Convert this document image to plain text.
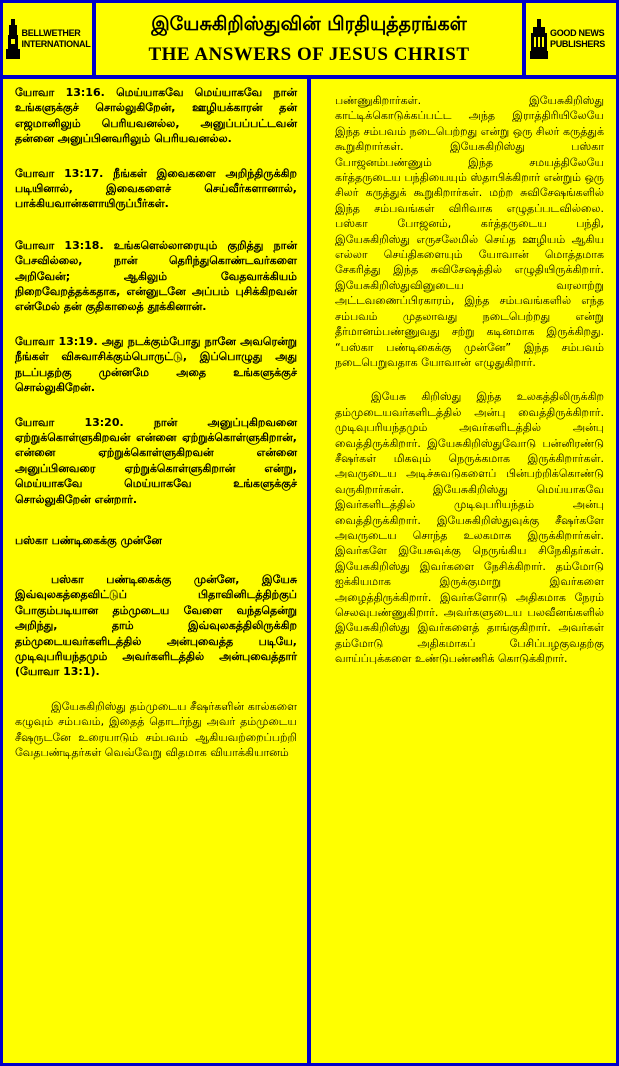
BELLWETHER INTERNATIONAL
இயேசுகிறிஸ்துவின் பிரதியுத்தரங்கள்
THE ANSWERS OF JESUS CHRIST
GOOD NEWS PUBLISHERS

யோவா 13:16. மெய்யாகவே மெய்யாகவே நான் உங்களுக்குச் சொல்லுகிறேன், ஊழியக்காரன் தன் எஜமானிலும் பெரியவனல்ல, அனுப்பப்பட்டவன் தன்னை அனுப்பினவரிலும் பெரியவனல்ல.

யோவா 13:17. நீங்கள் இவைகளை அறிந்திருக்கிற படியினால், இவைகளைச் செய்வீர்களானால், பாக்கியவான்களாயிருப்பீர்கள்.

யோவா 13:18. உங்களெல்லாரையும் குறித்து நான் பேசவில்லை, நான் தெரிந்துகொண்டவர்களை அறிவேன்; ஆகிலும் வேதவாக்கியம் நிறைவேறத்தக்கதாக, என்னுடனே அப்பம் புசிக்கிறவன் என்மேல் தன் குதிகாலைத் தூக்கினான்.

யோவா 13:19. அது நடக்கும்போது நானே அவரென்று நீங்கள் விசுவாசிக்கும்பொருட்டு, இப்பொழுது அது நடப்பதற்கு முன்னமே அதை உங்களுக்குச் சொல்லுகிறேன்.

யோவா 13:20. நான் அனுப்புகிறவனை ஏற்றுக்கொள்ளுகிறவன் என்னை ஏற்றுக்கொள்ளுகிறான், என்னை ஏற்றுக்கொள்ளுகிறவன் என்னை அனுப்பினவரை ஏற்றுக்கொள்ளுகிறான் என்று, மெய்யாகவே மெய்யாகவே உங்களுக்குச் சொல்லுகிறேன் என்றார்.

பஸ்கா பண்டிகைக்கு முன்னே

பஸ்கா பண்டிகைக்கு முன்னே, இயேசு இவ்வுலகத்தைவிட்டுப் பிதாவினிடத்திற்குப் போகும்படியான தம்முடைய வேளை வந்ததென்று அறிந்து, தாம் இவ்வுலகத்திலிருக்கிற தம்முடையவர்களிடத்தில் அன்புவைத்த படியே, முடிவுபரியந்தமும் அவர்களிடத்தில் அன்புவைத்தார் (யோவா 13:1).

இயேசுகிறிஸ்து தம்முடைய சீஷர்களின் கால்களை கழுவும் சம்பவம், இதைத் தொடர்ந்து அவர் தம்முடைய சீஷருடனே உரையாடும் சம்பவம் ஆகியவற்றைப்பற்றி வேதபண்டிதர்கள் வெவ்வேறு விதமாக வியாக்கியானம்

பண்ணுகிறார்கள். இயேசுகிறிஸ்து காட்டிக்கொடுக்கப்பட்ட அந்த இராத்திரியிலேயே இந்த சம்பவம் நடைபெற்றது என்று ஒரு சிலர் கருத்துக் கூறுகிறார்கள். இயேசுகிறிஸ்து பஸ்கா போஜனம்பண்ணும் இந்த சமயத்திலேயே கர்த்தருடைய பந்தியையும் ஸ்தாபிக்கிறார் என்றும் ஒரு சிலர் கருத்துக் கூறுகிறார்கள். மற்ற சுவிசேஷங்களில் இந்த சம்பவங்கள் விரிவாக எழுதப்படவில்லை. பஸ்கா போஜனம், கர்த்தருடைய பந்தி, இயேசுகிறிஸ்து எருசலேமில் செய்த ஊழியம் ஆகிய எல்லா செய்திகளையும் யோவான் மொத்தமாக சேகரித்து இந்த சுவிசேஷத்தில் எழுதியிருக்கிறார். இயேசுகிறிஸ்துவினுடைய வரலாற்று அட்டவணைப்பிரகாரம், இந்த சம்பவங்களில் எந்த சம்பவம் முதலாவது நடைபெற்றது என்று தீர்மானம்பண்ணுவது சற்று கடினமாக இருக்கிறது. “பஸ்கா பண்டிகைக்கு முன்னே” இந்த சம்பவம் நடைபெறுவதாக யோவான் எழுதுகிறார்.

இயேசு கிறிஸ்து இந்த உலகத்திலிருக்கிற தம்முடையவர்களிடத்தில் அன்பு வைத்திருக்கிறார். முடிவுபரியந்தமும் அவர்களிடத்தில் அன்பு வைத்திருக்கிறார். இயேசுகிறிஸ்துவோடு பன்னிரண்டு சீஷர்கள் மிகவும் நெருக்கமாக இருக்கிறார்கள். அவருடைய அடிச்சுவடுகளைப் பின்பற்றிக்கொண்டு வருகிறார்கள். இயேசுகிறிஸ்து மெய்யாகவே இவர்களிடத்தில் முடிவுபரியந்தம் அன்பு வைத்திருக்கிறார். இயேசுகிறிஸ்துவுக்கு சீஷர்களே அவருடைய சொந்த உலகமாக இருக்கிறார்கள். இவர்களே இயேசுவுக்கு நெருங்கிய சிநேகிதர்கள். இயேசுகிறிஸ்து இவர்களை நேசிக்கிறார். தம்மோடு ஐக்கியமாக இருக்குமாறு இவர்களை அழைத்திருக்கிறார். இவர்களோடு அதிகமாக நேரம் செலவுபண்ணுகிறார். அவர்களுடைய பலவீனங்களில் இயேசுகிறிஸ்து இவர்களைத் தாங்குகிறார். அவர்கள் தம்மோடு அதிகமாகப் பேசிப்பழகுவதற்கு வாய்ப்புக்களை உண்டுபண்ணிக் கொடுக்கிறார்.
